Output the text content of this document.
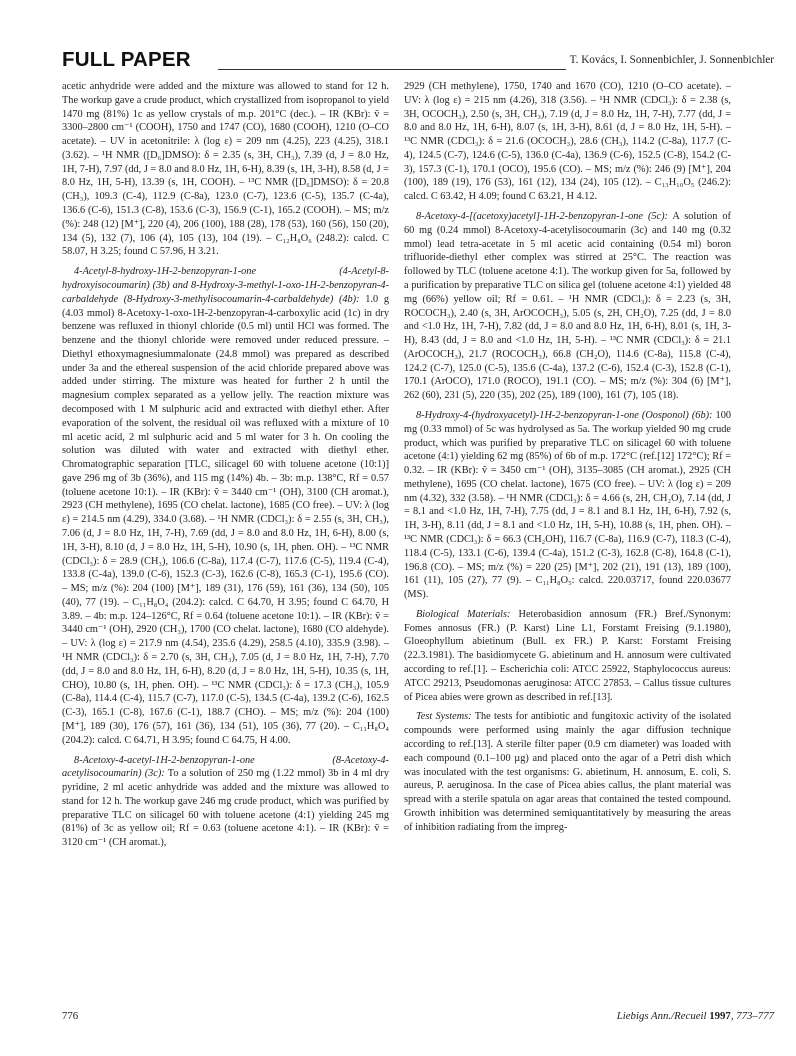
FULL PAPER	T. Kovács, I. Sonnenbichler, J. Sonnenbichler

acetic anhydride were added and the mixture was allowed to stand for 12 h. The workup gave a crude product, which crystallized from isopropanol to yield 1470 mg (81%) 1c as yellow crystals of m.p. 201°C (dec.). – IR (KBr): ṽ = 3300–2800 cm⁻¹ (COOH), 1750 and 1747 (CO), 1680 (COOH), 1210 (O–CO acetate). – UV in acetonitrile: λ (log ε) = 209 nm (4.25), 223 (4.25), 318.1 (3.62). – ¹H NMR ([D₆]DMSO): δ = 2.35 (s, 3H, CH₃), 7.39 (d, J = 8.0 Hz, 1H, 7-H), 7.97 (dd, J = 8.0 and 8.0 Hz, 1H, 6-H), 8.39 (s, 1H, 3-H), 8.58 (d, J = 8.0 Hz, 1H, 5-H), 13.39 (s, 1H, COOH). – ¹³C NMR ([D₆]DMSO): δ = 20.8 (CH₃), 109.3 (C-4), 112.9 (C-8a), 123.0 (C-7), 123.6 (C-5), 135.7 (C-4a), 136.6 (C-6), 151.3 (C-8), 153.6 (C-3), 156.9 (C-1), 165.2 (COOH). – MS; m/z (%): 248 (12) [M⁺], 220 (4), 206 (100), 188 (28), 178 (53), 160 (56), 150 (20), 134 (5), 132 (7), 106 (4), 105 (13), 104 (19). – C₁₂H₈O₆ (248.2): calcd. C 58.07, H 3.25; found C 57.96, H 3.21.

4-Acetyl-8-hydroxy-1H-2-benzopyran-1-one (4-Acetyl-8-hydroxyisocoumarin) (3b) and 8-Hydroxy-3-methyl-1-oxo-1H-2-benzopyran-4-carbaldehyde (8-Hydroxy-3-methylisocoumarin-4-carbaldehyde) (4b): 1.0 g (4.03 mmol) 8-Acetoxy-1-oxo-1H-2-benzopyran-4-carboxylic acid (1c) in dry benzene was refluxed in thionyl chloride (0.5 ml) until HCl was formed. The benzene and the thionyl chloride were removed under reduced pressure. – Diethyl ethoxymagnesiummalonate (24.8 mmol) was prepared as described under 3a and the ethereal suspension of the acid chloride prepared above was added under stirring. The mixture was heated for further 2 h until the magnesium complex separated as a yellow jelly. The reaction mixture was decomposed with 1 M sulphuric acid and extracted with diethyl ether. After evaporation of the solvent, the residual oil was refluxed with a mixture of 10 ml acetic acid, 2 ml sulphuric acid and 5 ml water for 3 h. On cooling the solution was diluted with water and extracted with diethyl ether. Chromatographic separation [TLC, silicagel 60 with toluene acetone (10:1)] gave 296 mg of 3b (36%), and 115 mg (14%) 4b. – 3b: m.p. 138°C, Rf = 0.57 (toluene acetone 10:1). – IR (KBr): ṽ = 3440 cm⁻¹ (OH), 3100 (CH aromat.), 2923 (CH methylene), 1695 (CO chelat. lactone), 1685 (CO free). – UV: λ (log ε) = 214.5 nm (4.29), 334.0 (3.68). – ¹H NMR (CDCl₃): δ = 2.55 (s, 3H, CH₃), 7.06 (d, J = 8.0 Hz, 1H, 7-H), 7.69 (dd, J = 8.0 and 8.0 Hz, 1H, 6-H), 8.00 (s, 1H, 3-H), 8.10 (d, J = 8.0 Hz, 1H, 5-H), 10.90 (s, 1H, phen. OH). – ¹³C NMR (CDCl₃): δ = 28.9 (CH₃), 106.6 (C-8a), 117.4 (C-7), 117.6 (C-5), 119.4 (C-4), 133.8 (C-4a), 139.0 (C-6), 152.3 (C-3), 162.6 (C-8), 165.3 (C-1), 195.6 (CO). – MS; m/z (%): 204 (100) [M⁺], 189 (31), 176 (59), 161 (36), 134 (50), 105 (40), 77 (19). – C₁₁H₈O₄ (204.2): calcd. C 64.70, H 3.95; found C 64.70, H 3.89. – 4b: m.p. 124–126°C, Rf = 0.64 (toluene acetone 10:1). – IR (KBr): ṽ = 3440 cm⁻¹ (OH), 2920 (CH₃), 1700 (CO chelat. lactone), 1680 (CO aldehyde). – UV: λ (log ε) = 217.9 nm (4.54), 235.6 (4.29), 258.5 (4.10), 335.9 (3.98). – ¹H NMR (CDCl₃): δ = 2.70 (s, 3H, CH₃), 7.05 (d, J = 8.0 Hz, 1H, 7-H), 7.70 (dd, J = 8.0 and 8.0 Hz, 1H, 6-H), 8.20 (d, J = 8.0 Hz, 1H, 5-H), 10.35 (s, 1H, CHO), 10.80 (s, 1H, phen. OH). – ¹³C NMR (CDCl₃): δ = 17.3 (CH₃), 105.9 (C-8a), 114.4 (C-4), 115.7 (C-7), 117.0 (C-5), 134.5 (C-4a), 139.2 (C-6), 162.5 (C-3), 165.1 (C-8), 167.6 (C-1), 188.7 (CHO). – MS; m/z (%): 204 (100) [M⁺], 189 (30), 176 (57), 161 (36), 134 (51), 105 (36), 77 (20). – C₁₁H₈O₄ (204.2): calcd. C 64.71, H 3.95; found C 64.75, H 4.00.

8-Acetoxy-4-acetyl-1H-2-benzopyran-1-one (8-Acetoxy-4-acetylisocoumarin) (3c): To a solution of 250 mg (1.22 mmol) 3b in 4 ml dry pyridine, 2 ml acetic anhydride was added and the mixture was allowed to stand for 12 h. The workup gave 246 mg crude product, which was purified by preparative TLC on silicagel 60 with toluene acetone (4:1) yielding 245 mg (81%) of 3c as yellow oil; Rf = 0.63 (toluene acetone 4:1). – IR (KBr): ṽ = 3120 cm⁻¹ (CH aromat.),

2929 (CH methylene), 1750, 1740 and 1670 (CO), 1210 (O–CO acetate). – UV: λ (log ε) = 215 nm (4.26), 318 (3.56). – ¹H NMR (CDCl₃): δ = 2.38 (s, 3H, OCOCH₃), 2.50 (s, 3H, CH₃), 7.19 (d, J = 8.0 Hz, 1H, 7-H), 7.77 (dd, J = 8.0 and 8.0 Hz, 1H, 6-H), 8.07 (s, 1H, 3-H), 8.61 (d, J = 8.0 Hz, 1H, 5-H). – ¹³C NMR (CDCl₃): δ = 21.6 (OCOCH₃), 28.6 (CH₃), 114.2 (C-8a), 117.7 (C-4), 124.5 (C-7), 124.6 (C-5), 136.0 (C-4a), 136.9 (C-6), 152.5 (C-8), 154.2 (C-3), 157.3 (C-1), 170.1 (OCO), 195.6 (CO). – MS; m/z (%): 246 (9) [M⁺], 204 (100), 189 (19), 176 (53), 161 (12), 134 (24), 105 (12). – C₁₃H₁₀O₅ (246.2): calcd. C 63.42, H 4.09; found C 63.21, H 4.12.

8-Acetoxy-4-[(acetoxy)acetyl]-1H-2-benzopyran-1-one (5c): A solution of 60 mg (0.24 mmol) 8-Acetoxy-4-acetylisocoumarin (3c) and 140 mg (0.32 mmol) lead tetra-acetate in 5 ml acetic acid containing (0.54 ml) boron trifluoride-diethyl ether complex was stirred at 25°C. The reaction was followed by TLC (toluene acetone 4:1). The workup given for 5a, followed by a purification by preparative TLC on silica gel (toluene acetone 4:1) yielded 48 mg (66%) yellow oil; Rf = 0.61. – ¹H NMR (CDCl₃): δ = 2.23 (s, 3H, ROCOCH₃), 2.40 (s, 3H, ArOCOCH₃), 5.05 (s, 2H, CH₂O), 7.25 (dd, J = 8.0 and <1.0 Hz, 1H, 7-H), 7.82 (dd, J = 8.0 and 8.0 Hz, 1H, 6-H), 8.01 (s, 1H, 3-H), 8.43 (dd, J = 8.0 and <1.0 Hz, 1H, 5-H). – ¹³C NMR (CDCl₃): δ = 21.1 (ArOCOCH₃), 21.7 (ROCOCH₃), 66.8 (CH₂O), 114.6 (C-8a), 115.8 (C-4), 124.2 (C-7), 125.0 (C-5), 135.6 (C-4a), 137.2 (C-6), 152.4 (C-3), 152.8 (C-1), 170.1 (ArOCO), 171.0 (ROCO), 191.1 (CO). – MS; m/z (%): 304 (6) [M⁺], 262 (60), 231 (5), 220 (35), 202 (25), 189 (100), 161 (7), 105 (18).

8-Hydroxy-4-(hydroxyacetyl)-1H-2-benzopyran-1-one (Oosponol) (6b): 100 mg (0.33 mmol) of 5c was hydrolysed as 5a. The workup yielded 90 mg crude product, which was purified by preparative TLC on silicagel 60 with toluene acetone (4:1) yielding 62 mg (85%) of 6b of m.p. 172°C (ref.[12] 172°C); Rf = 0.32. – IR (KBr): ṽ = 3450 cm⁻¹ (OH), 3135–3085 (CH aromat.), 2925 (CH methylene), 1695 (CO chelat. lactone), 1675 (CO free). – UV: λ (log ε) = 209 nm (4.32), 332 (3.58). – ¹H NMR (CDCl₃): δ = 4.66 (s, 2H, CH₂O), 7.14 (dd, J = 8.1 and <1.0 Hz, 1H, 7-H), 7.75 (dd, J = 8.1 and 8.1 Hz, 1H, 6-H), 7.92 (s, 1H, 3-H), 8.11 (dd, J = 8.1 and <1.0 Hz, 1H, 5-H), 10.88 (s, 1H, phen. OH). – ¹³C NMR (CDCl₃): δ = 66.3 (CH₂OH), 116.7 (C-8a), 116.9 (C-7), 118.3 (C-4), 118.4 (C-5), 133.1 (C-6), 139.4 (C-4a), 151.2 (C-3), 162.8 (C-8), 164.8 (C-1), 196.8 (CO). – MS; m/z (%) = 220 (25) [M⁺], 202 (21), 191 (13), 189 (100), 161 (11), 105 (27), 77 (9). – C₁₁H₈O₅: calcd. 220.03717, found 220.03677 (MS).

Biological Materials: Heterobasidion annosum (FR.) Bref./Synonym: Fomes annosus (FR.) (P. Karst) Line L1, Forstamt Freising (9.1.1980), Gloeophyllum abietinum (Bull. ex FR.) P. Karst: Forstamt Freising (22.3.1981). The basidiomycete G. abietinum and H. annosum were cultivated according to ref.[1]. – Escherichia coli: ATCC 25922, Staphylococcus aureus: ATCC 29213, Pseudomonas aeruginosa: ATCC 27853. – Callus tissue cultures of Picea abies were grown as described in ref.[13].

Test Systems: The tests for antibiotic and fungitoxic activity of the isolated compounds were performed using mainly the agar diffusion technique according to ref.[13]. A sterile filter paper (0.9 cm diameter) was loaded with each compound (0.1–100 µg) and placed onto the agar of a Petri dish which was inoculated with the test organisms: G. abietinum, H. annosum, E. coli, S. aureus, P. aeruginosa. In the case of Picea abies callus, the plant material was spread with a sterile spatula on agar areas that contained the tested compound. Growth inhibition was determined semiquantitatively by measuring the areas of inhibition radiating from the impreg-

776	Liebigs Ann./Recueil 1997, 773–777
